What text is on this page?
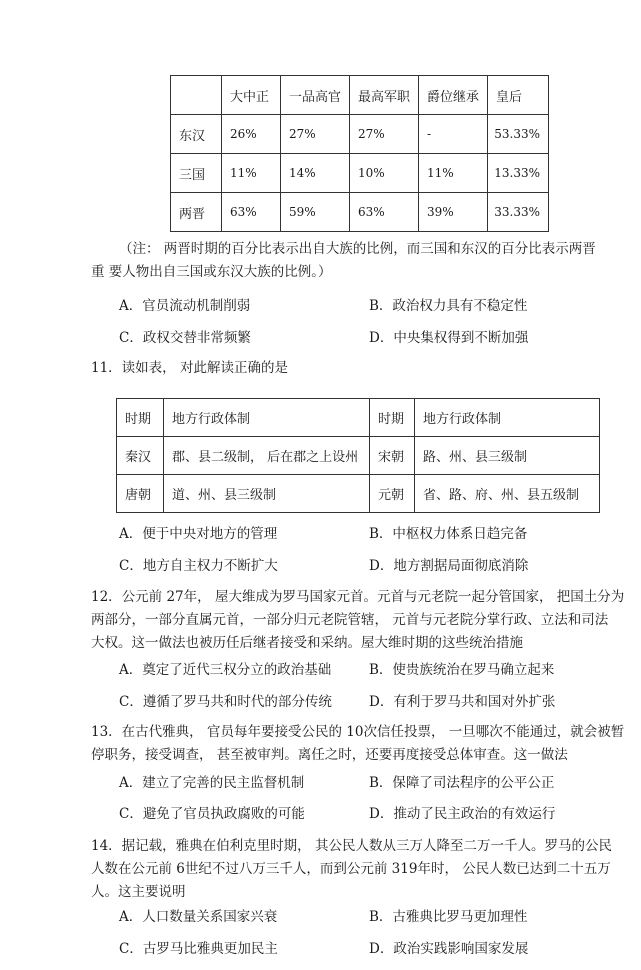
	大中正	一品高官	最高军职	爵位继承	皇后
东汉	26%	27%	27%	-	53.33%
三国	11%	14%	10%	11%	13.33%
两晋	63%	59%	63%	39%	33.33%
（注： 两晋时期的百分比表示出自大族的比例，而三国和东汉的百分比表示两晋
重 要人物出自三国或东汉大族的比例。）
A．官员流动机制削弱	B．政治权力具有不稳定性
C．政权交替非常频繁	D．中央集权得到不断加强
11．读如表， 对此解读正确的是
时期	地方行政体制	时期	地方行政体制
秦汉	郡、县二级制， 后在郡之上设州	宋朝	路、州、县三级制
唐朝	道、州、县三级制	元朝	省、路、府、州、县五级制
A．便于中央对地方的管理	B．中枢权力体系日趋完备
C．地方自主权力不断扩大	D．地方割据局面彻底消除
12．公元前 27年， 屋大维成为罗马国家元首。元首与元老院一起分管国家， 把国土分为
两部分，一部分直属元首，一部分归元老院管辖， 元首与元老院分掌行政、立法和司法
大权。这一做法也被历任后继者接受和采纳。屋大维时期的这些统治措施
A．奠定了近代三权分立的政治基础	B．使贵族统治在罗马确立起来
C．遵循了罗马共和时代的部分传统	D．有利于罗马共和国对外扩张
13．在古代雅典， 官员每年要接受公民的 10次信任投票， 一旦哪次不能通过，就会被暂
停职务，接受调查， 甚至被审判。离任之时，还要再度接受总体审查。这一做法
A．建立了完善的民主监督机制	B．保障了司法程序的公平公正
C．避免了官员执政腐败的可能	D．推动了民主政治的有效运行
14．据记载，雅典在伯利克里时期， 其公民人数从三万人降至二万一千人。罗马的公民
人数在公元前 6世纪不过八万三千人，而到公元前 319年时， 公民人数已达到二十五万
人。这主要说明
A．人口数量关系国家兴衰	B．古雅典比罗马更加理性
C．古罗马比雅典更加民主	D．政治实践影响国家发展
